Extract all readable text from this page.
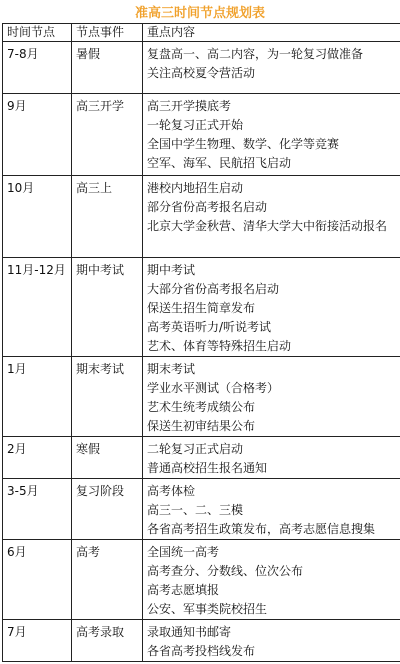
准高三时间节点规划表
时间节点	节点事件	重点内容

7-8月	暑假	复盘高一、高二内容，为一轮复习做准备
关注高校夏令营活动

9月	高三开学	高三开学摸底考
一轮复习正式开始
全国中学生物理、数学、化学等竞赛
空军、海军、民航招飞启动

10月	高三上	港校内地招生启动
部分省份高考报名启动
北京大学金秋营、清华大学大中衔接活动报名

11月-12月	期中考试	期中考试
大部分省份高考报名启动
保送生招生简章发布
高考英语听力/听说考试
艺术、体育等特殊招生启动

1月	期末考试	期末考试
学业水平测试（合格考）
艺术生统考成绩公布
保送生初审结果公布

2月	寒假	二轮复习正式启动
普通高校招生报名通知

3-5月	复习阶段	高考体检
高三一、二、三模
各省高考招生政策发布，高考志愿信息搜集

6月	高考	全国统一高考
高考查分、分数线、位次公布
高考志愿填报
公安、军事类院校招生

7月	高考录取	录取通知书邮寄
各省高考投档线发布
